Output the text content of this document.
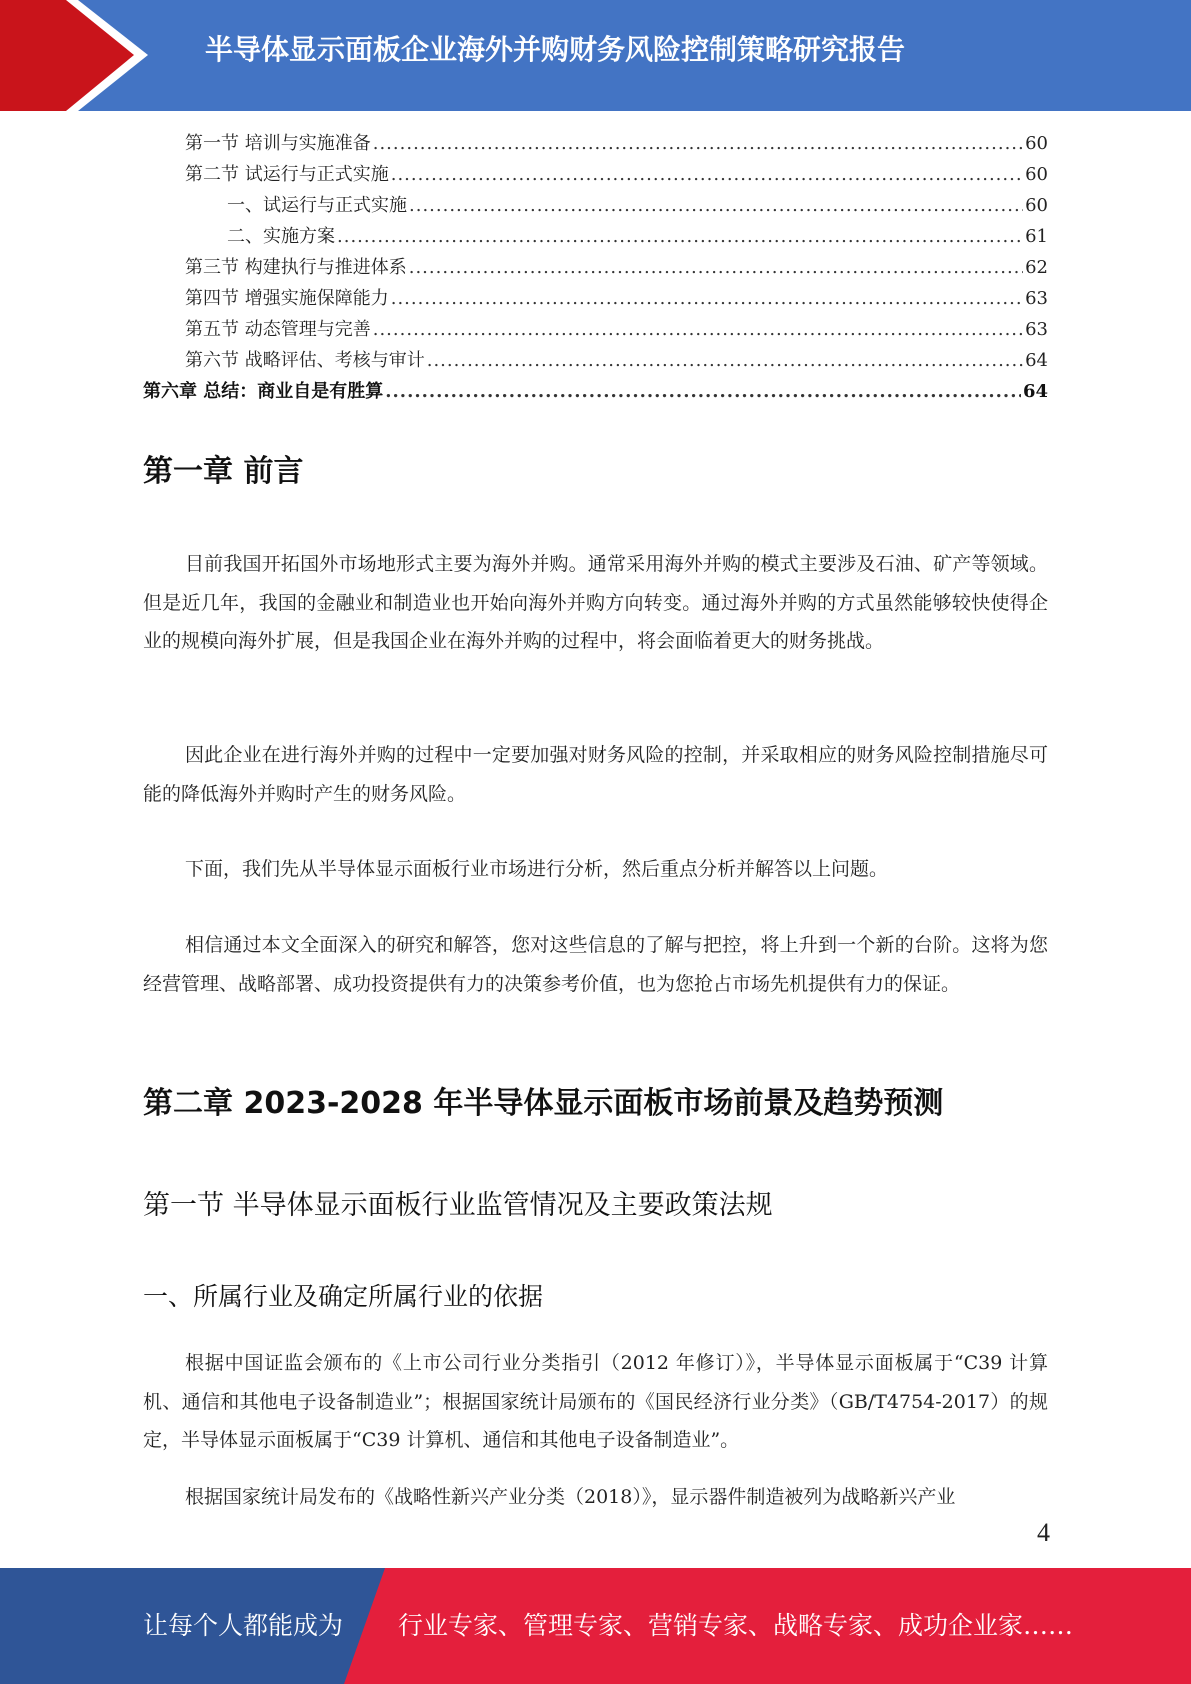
半导体显示面板企业海外并购财务风险控制策略研究报告
第一节 培训与实施准备 .....	60
第二节 试运行与正式实施 .....	60
一、试运行与正式实施 .....	60
二、实施方案 .....	61
第三节 构建执行与推进体系 .....	62
第四节 增强实施保障能力 .....	63
第五节 动态管理与完善 .....	63
第六节 战略评估、考核与审计 .....	64
第六章 总结：商业自是有胜算 .....	64
第一章 前言

目前我国开拓国外市场地形式主要为海外并购。通常采用海外并购的模式主要涉及石油、矿产等领域。但是近几年，我国的金融业和制造业也开始向海外并购方向转变。通过海外并购的方式虽然能够较快使得企业的规模向海外扩展，但是我国企业在海外并购的过程中，将会面临着更大的财务挑战。

因此企业在进行海外并购的过程中一定要加强对财务风险的控制，并采取相应的财务风险控制措施尽可能的降低海外并购时产生的财务风险。

下面，我们先从半导体显示面板行业市场进行分析，然后重点分析并解答以上问题。

相信通过本文全面深入的研究和解答，您对这些信息的了解与把控，将上升到一个新的台阶。这将为您经营管理、战略部署、成功投资提供有力的决策参考价值，也为您抢占市场先机提供有力的保证。

第二章 2023-2028 年半导体显示面板市场前景及趋势预测
第一节 半导体显示面板行业监管情况及主要政策法规
一、所属行业及确定所属行业的依据

根据中国证监会颁布的《上市公司行业分类指引（2012 年修订）》，半导体显示面板属于“C39 计算机、通信和其他电子设备制造业”；根据国家统计局颁布的《国民经济行业分类》（GB/T4754-2017）的规定，半导体显示面板属于“C39 计算机、通信和其他电子设备制造业”。

根据国家统计局发布的《战略性新兴产业分类（2018）》，显示器件制造被列为战略新兴产业

4
让每个人都能成为 行业专家、管理专家、营销专家、战略专家、成功企业家……
